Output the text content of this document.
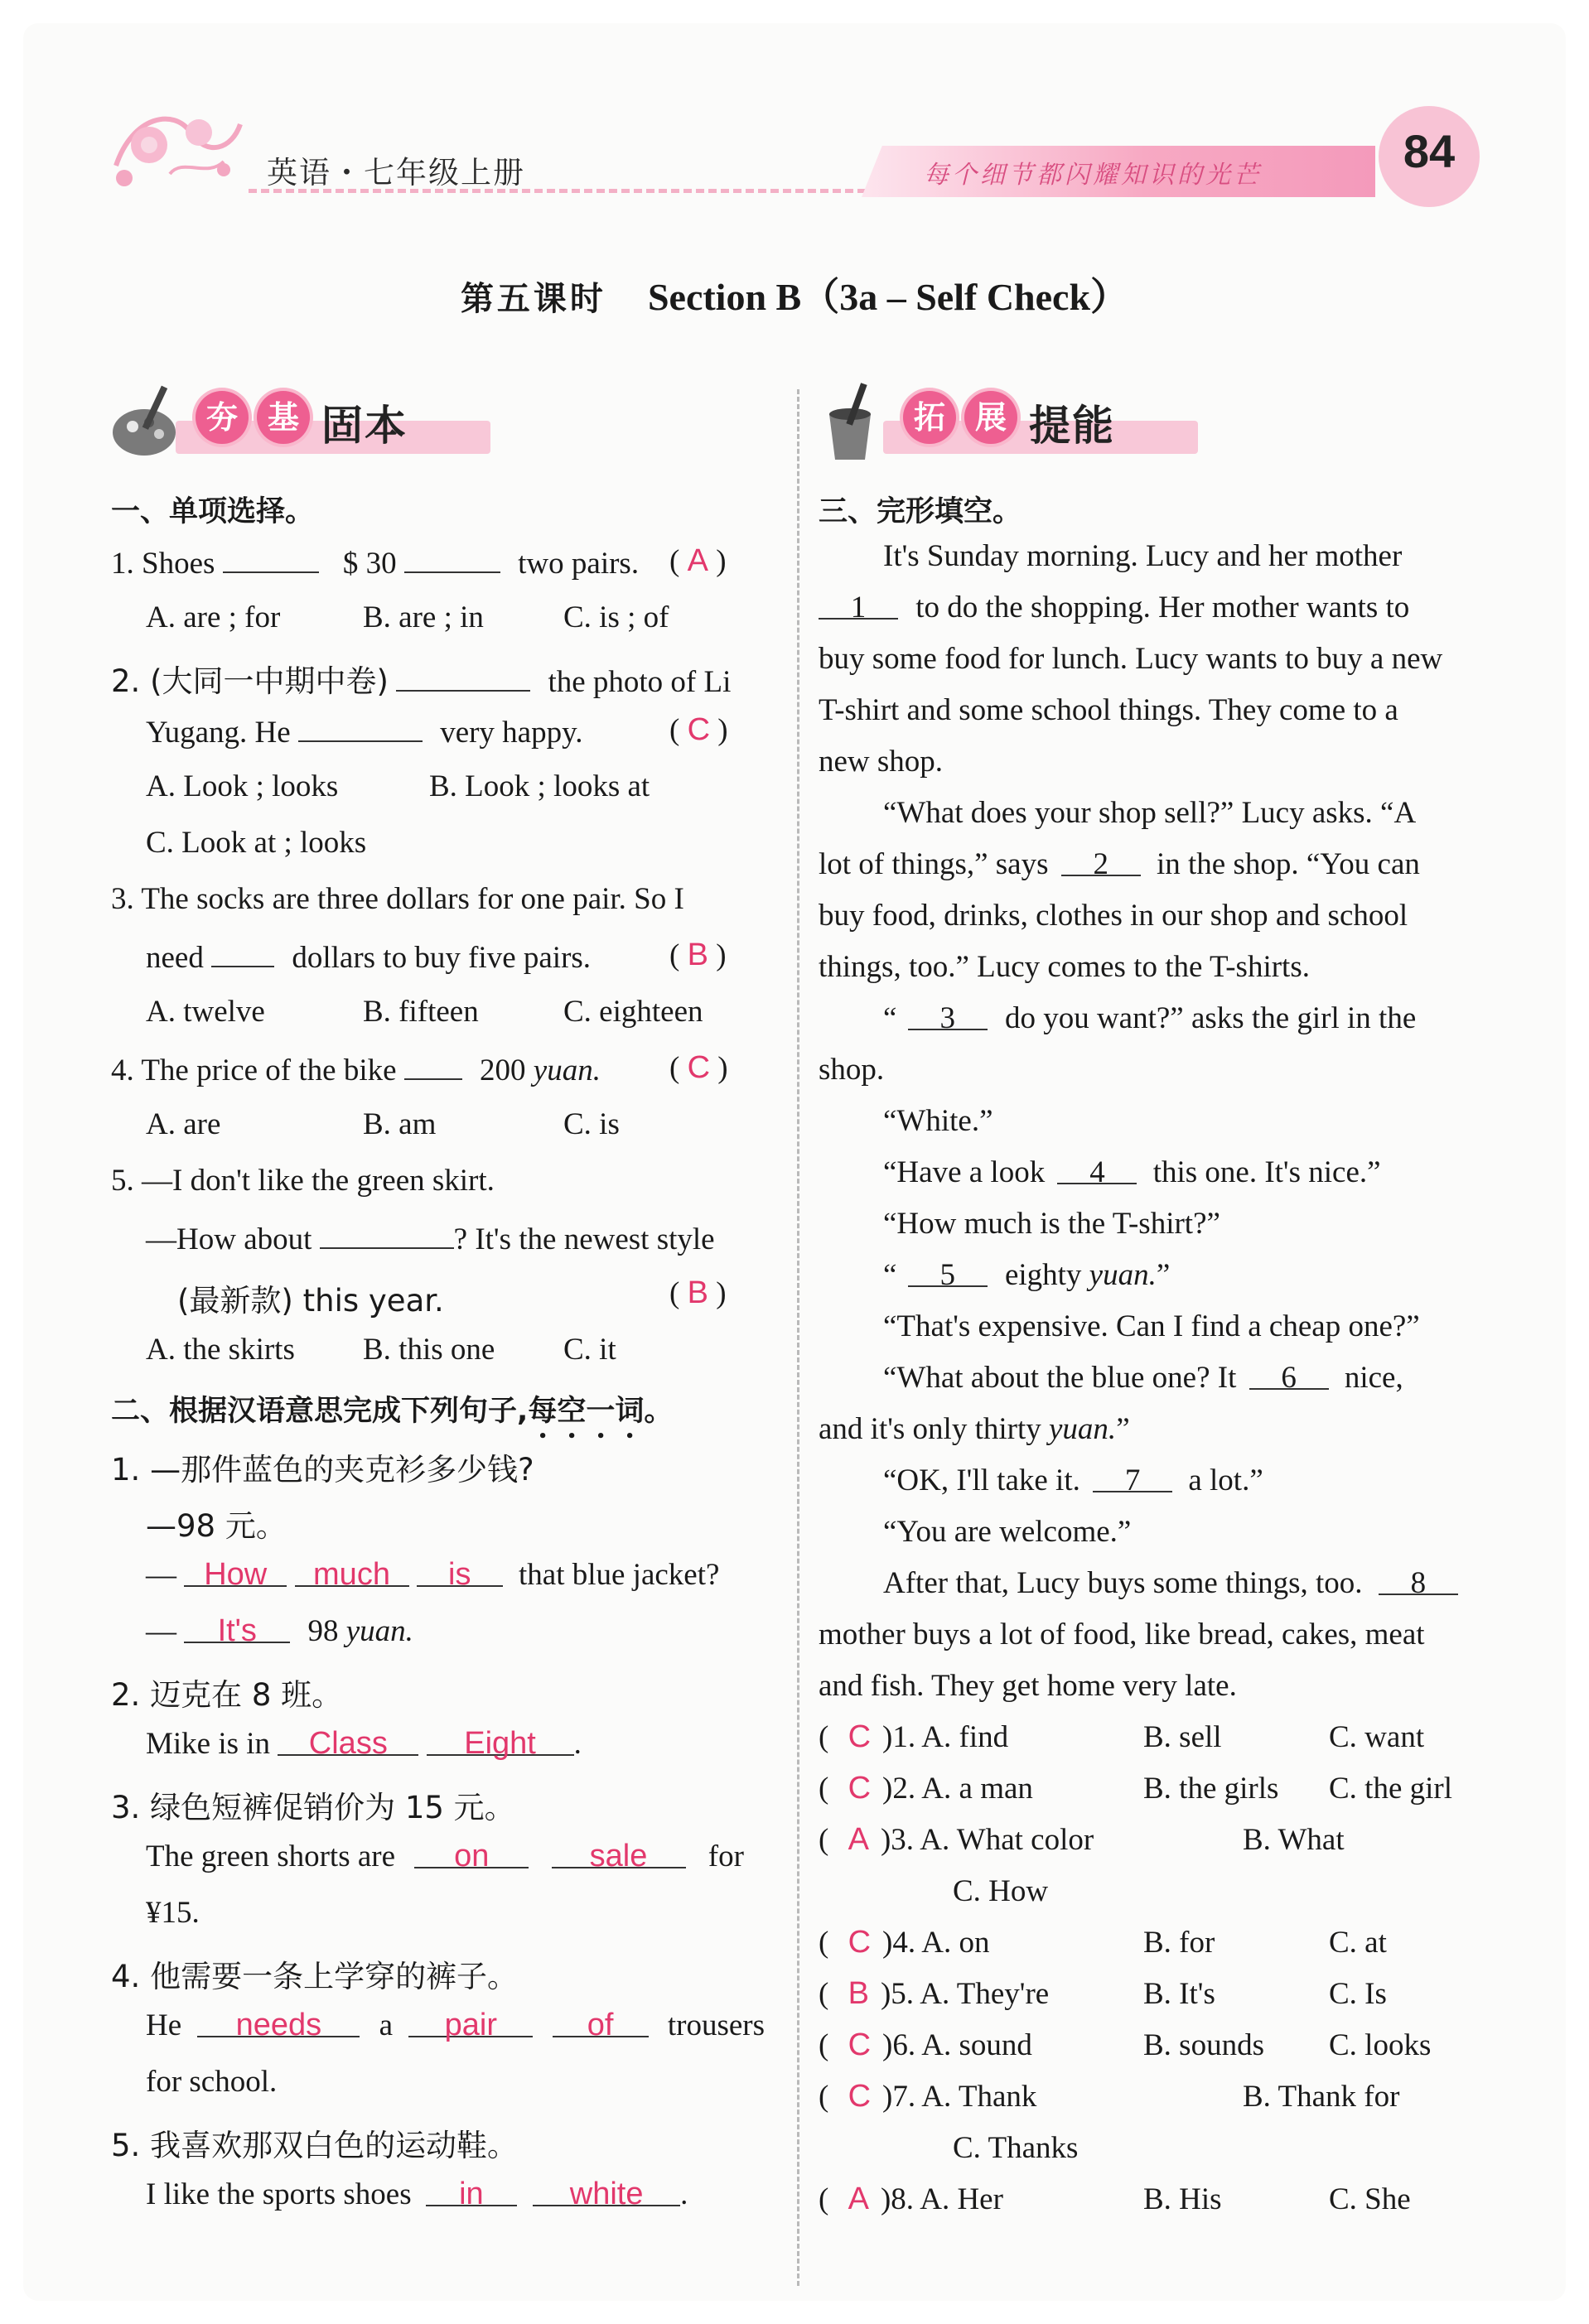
英语・七年级上册	每个细节都闪耀知识的光芒	84
第五课时 Section B（3a – Self Check）
夯 基 固本	拓 展 提能
一、单项选择。
1. Shoes	$ 30	two pairs. ( A )
A. are ; for	B. are ; in	C. is ; of
2. (大同一中期中卷)	the photo of Li
Yugang. He	very happy.	( C )
A. Look ; looks	B. Look ; looks at
C. Look at ; looks
3. The socks are three dollars for one pair. So I
need	dollars to buy five pairs.	( B )
A. twelve	B. fifteen	C. eighteen
4. The price of the bike	200 yuan. ( C )
A. are	B. am	C. is
5. —I don't like the green skirt.
—How about	? It's the newest style
(最新款) this year.	( B )
A. the skirts B. this one C. it
二、根据汉语意思完成下列句子,每空一词。
1. —那件蓝色的夹克衫多少钱?
—98 元。
— How much is that blue jacket?
— It's 98 yuan.
2. 迈克在 8 班。
Mike is in Class Eight .
3. 绿色短裤促销价为 15 元。
The green shorts are on	sale for
¥15.
4. 他需要一条上学穿的裤子。
He needs a pair	of trousers
for school.
5. 我喜欢那双白色的运动鞋。
I like the sports shoes in	white .
三、完形填空。
It's Sunday morning. Lucy and her mother
1 to do the shopping. Her mother wants to
buy some food for lunch. Lucy wants to buy a new
T-shirt and some school things. They come to a
new shop.
“What does your shop sell?” Lucy asks. “A
lot of things,” says 2 in the shop. “You can
buy food, drinks, clothes in our shop and school
things, too.” Lucy comes to the T-shirts.
“ 3 do you want?” asks the girl in the
shop.
“White.”
“Have a look 4 this one. It's nice.”
“How much is the T-shirt?”
“ 5 eighty yuan.”
“That's expensive. Can I find a cheap one?”
“What about the blue one? It 6 nice,
and it's only thirty yuan.”
“OK, I'll take it. 7 a lot.”
“You are welcome.”
After that, Lucy buys some things, too. 8
mother buys a lot of food, like bread, cakes, meat
and fish. They get home very late.
( C )1. A. find	B. sell	C. want
( C )2. A. a man	B. the girls C. the girl
( A )3. A. What color	B. What
C. How
( C )4. A. on	B. for	C. at
( B )5. A. They're	B. It's	C. Is
( C )6. A. sound	B. sounds C. looks
( C )7. A. Thank	B. Thank for
C. Thanks
( A )8. A. Her	B. His	C. She
